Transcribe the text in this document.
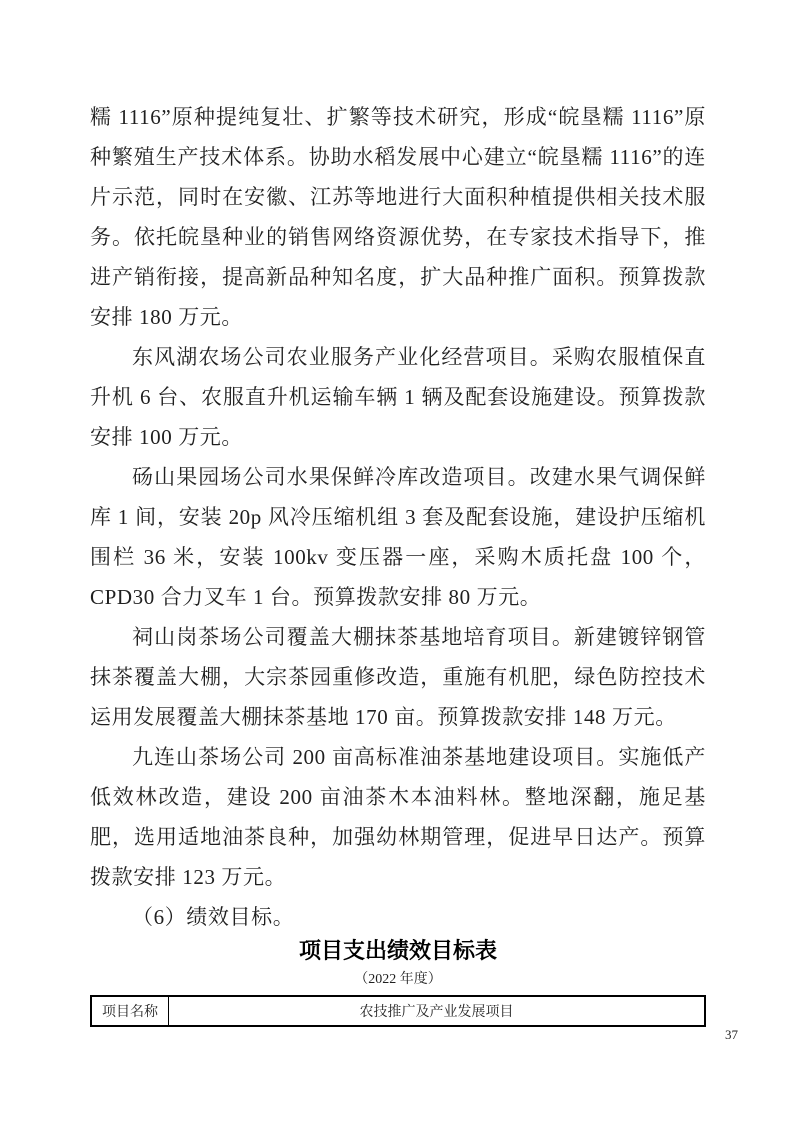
糯 1116”原种提纯复壮、扩繁等技术研究，形成“皖垦糯 1116”原种繁殖生产技术体系。协助水稻发展中心建立“皖垦糯 1116”的连片示范，同时在安徽、江苏等地进行大面积种植提供相关技术服务。依托皖垦种业的销售网络资源优势，在专家技术指导下，推进产销衔接，提高新品种知名度，扩大品种推广面积。预算拨款安排 180 万元。

东风湖农场公司农业服务产业化经营项目。采购农服植保直升机 6 台、农服直升机运输车辆 1 辆及配套设施建设。预算拨款安排 100 万元。

砀山果园场公司水果保鲜冷库改造项目。改建水果气调保鲜库 1 间，安装 20p 风冷压缩机组 3 套及配套设施，建设护压缩机围栏 36 米，安装 100kv 变压器一座，采购木质托盘 100 个，CPD30 合力叉车 1 台。预算拨款安排 80 万元。

祠山岗茶场公司覆盖大棚抹茶基地培育项目。新建镀锌钢管抹茶覆盖大棚，大宗茶园重修改造，重施有机肥，绿色防控技术运用发展覆盖大棚抹茶基地 170 亩。预算拨款安排 148 万元。

九连山茶场公司 200 亩高标准油茶基地建设项目。实施低产低效林改造，建设 200 亩油茶木本油料林。整地深翻，施足基肥，选用适地油茶良种，加强幼林期管理，促进早日达产。预算拨款安排 123 万元。

（6）绩效目标。

项目支出绩效目标表
（2022 年度）
项目名称	农技推广及产业发展项目
37
